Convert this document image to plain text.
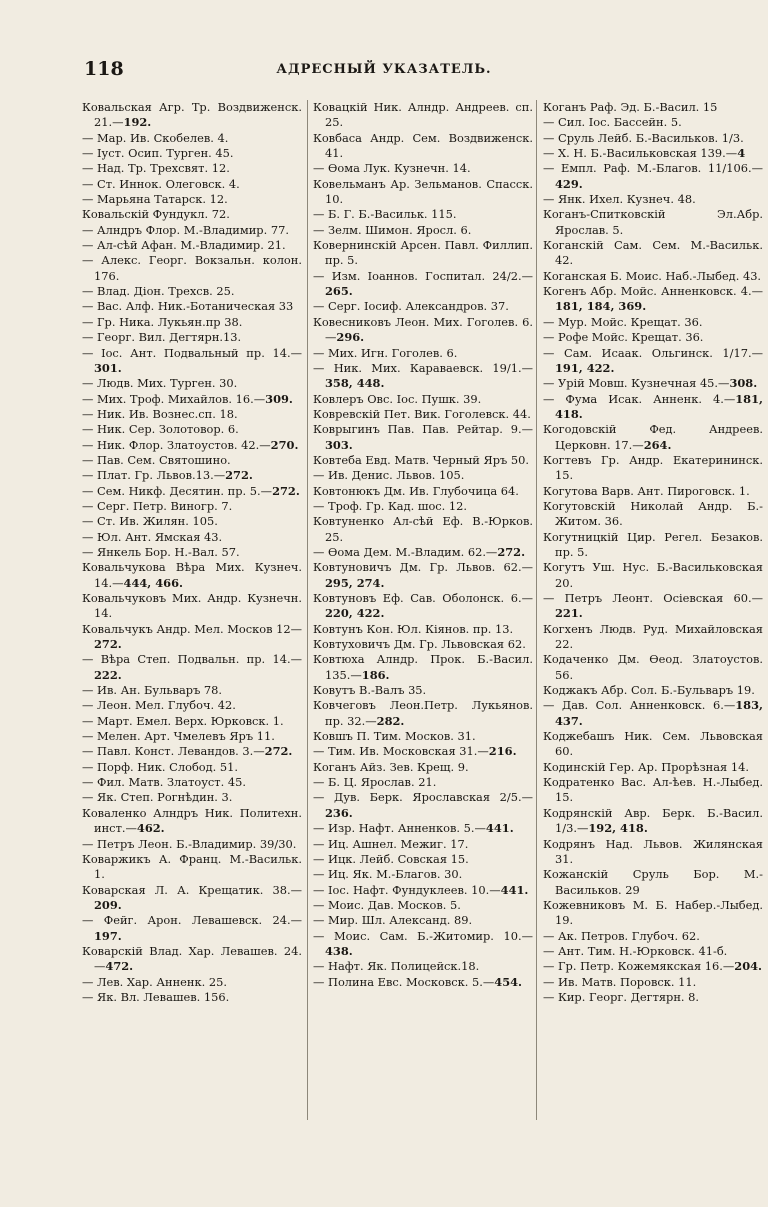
118	АДРЕСНЫЙ УКАЗАТЕЛЬ.

Ковальская Агр. Тр. Воздвиженск. 21.—192.

— Мар. Ив. Скобелев. 4.

— Іуст. Осип. Турген. 45.

— Над. Тр. Трехсвят. 12.

— Ст. Иннок. Олеговск. 4.

— Марьяна Татарск. 12.

Ковальскій Фундукл. 72.

— Алндръ Флор. М.-Владимир. 77.

— Ал-сѣй Афан. М.-Владимир. 21.

— Алекс. Георг. Вокзальн. колон. 176.

— Влад. Діон. Трехсв. 25.

— Вас. Алф. Ник.-Ботаническая 33

— Гр. Ника. Лукьян.пр 38.

— Георг. Вил. Дегтярн.13.

— Іос. Ант. Подвальный пр. 14.—301.

— Людв. Мих. Турген. 30.

— Мих. Троф. Михайлов. 16.—309.

— Ник. Ив. Вознес.сп. 18.

— Ник. Сер. Золотовор. 6.

— Ник. Флор. Златоустов. 42.—270.

— Пав. Сем. Святошино.

— Плат. Гр. Львов.13.—272.

— Сем. Никф. Десятин. пр. 5.—272.

— Серг. Петр. Виногр. 7.

— Ст. Ив. Жилян. 105.

— Юл. Ант. Ямская 43.

— Янкель Бор. Н.-Вал. 57.

Ковальчукова Вѣра Мих. Кузнеч. 14.—444, 466.

Ковальчуковъ Мих. Андр. Кузнечн. 14.

Ковальчукъ Андр. Мел. Москов 12—272.

— Вѣра Степ. Подвальн. пр. 14.—222.

— Ив. Ан. Бульваръ 78.

— Леон. Мел. Глубоч. 42.

— Март. Емел. Верх. Юрковск. 1.

— Мелен. Арт. Чмелевъ Яръ 11.

— Павл. Конст. Левандов. 3.—272.

— Порф. Ник. Слобод. 51.

— Фил. Матв. Златоуст. 45.

— Як. Степ. Рогнѣдин. 3.

Коваленко Алндръ Ник. Политехн. инст.—462.

— Петръ Леон. Б.-Владимир. 39/30.

Коваржикъ А. Франц. М.-Васильк. 1.

Коварская Л. А. Крещатик. 38.—209.

— Фейг. Арон. Левашевск. 24.—197.

Коварскій Влад. Хар. Левашев. 24.—472.

— Лев. Хар. Анненк. 25.

— Як. Вл. Левашев. 156.

Ковацкій Ник. Алндр. Андреев. сп. 25.

Ковбаса Андр. Сем. Воздвиженск. 41.

— Ѳома Лук. Кузнечн. 14.

Ковельманъ Ар. Зельманов. Спасск. 10.

— Б. Г. Б.-Васильк. 115.

— Зелм. Шимон. Яросл. 6.

Ковернинскій Арсен. Павл. Филлип. пр. 5.

— Изм. Іоаннов. Госпитал. 24/2.—265.

— Серг. Іосиф. Александров. 37.

Ковесниковъ Леон. Мих. Гоголев. 6.—296.

— Мих. Игн. Гоголев. 6.

— Ник. Мих. Караваевск. 19/1.—358, 448.

Ковлеръ Овс. Іос. Пушк. 39.

Ковревскій Пет. Вик. Гоголевск. 44.

Коврыгинъ Пав. Пав. Рейтар. 9.—303.

Ковтеба Евд. Матв. Черный Яръ 50.

— Ив. Денис. Львов. 105.

Ковтонюкъ Дм. Ив. Глубочица 64.

— Троф. Гр. Кад. шос. 12.

Ковтуненко Ал-сѣй Еф. В.-Юрков. 25.

— Ѳома Дем. М.-Владим. 62.—272.

Ковтуновичъ Дм. Гр. Львов. 62.—295, 274.

Ковтуновъ Еф. Сав. Оболонск. 6.—220, 422.

Ковтунъ Кон. Юл. Кіянов. пр. 13.

Ковтуховичъ Дм. Гр. Львовская 62.

Ковтюха Алндр. Прок. Б.-Васил. 135.—186.

Ковутъ В.-Валъ 35.

Ковчеговъ Леон.Петр. Лукьянов. пр. 32.—282.

Ковшъ П. Тим. Москов. 31.

— Тим. Ив. Московская 31.—216.

Коганъ Айз. Зев. Крещ. 9.

— Б. Ц. Ярослав. 21.

— Дув. Берк. Ярославская 2/5.—236.

— Изр. Нафт. Анненков. 5.—441.

— Иц. Ашнел. Межиг. 17.

— Ицк. Лейб. Совская 15.

— Иц. Як. М.-Благов. 30.

— Іос. Нафт. Фундуклеев. 10.—441.

— Моис. Дав. Москов. 5.

— Мир. Шл. Александ. 89.

— Моис. Сам. Б.-Житомир. 10.—438.

— Нафт. Як. Полицейск.18.

— Полина Евс. Московск. 5.—454.

Коганъ Раф. Эд. Б.-Васил. 15

— Сил. Іос. Бассейн. 5.

— Сруль Лейб. Б.-Васильков. 1/3.

— Х. Н. Б.-Васильковская 139.—4

— Емпл. Раф. М.-Благов. 11/106.—429.

— Янк. Ихел. Кузнеч. 48.

Коганъ-Спитковскій Эл.Абр. Ярослав. 5.

Коганскій Сам. Сем. М.-Васильк. 42.

Коганская Б. Моис. Наб.-Лыбед. 43.

Когенъ Абр. Мойс. Анненковск. 4.—181, 184, 369.

— Мур. Мойс. Крещат. 36.

— Рофе Мойс. Крещат. 36.

— Сам. Исаак. Ольгинск. 1/17.—191, 422.

— Урій Мовш. Кузнечная 45.—308.

— Фума Исак. Анненк. 4.—181, 418.

Когодовскій Фед. Андреев. Церковн. 17.—264.

Когтевъ Гр. Андр. Екатерининск. 15.

Когутова Варв. Ант. Пироговск. 1.

Когутовскій Николай Андр. Б.-Житом. 36.

Когутницкій Цир. Регел. Безаков. пр. 5.

Когутъ Уш. Нус. Б.-Васильковская 20.

— Петръ Леонт. Осіевская 60.—221.

Когхенъ Людв. Руд. Михайловская 22.

Кодаченко Дм. Ѳеод. Златоустов. 56.

Коджакъ Абр. Сол. Б.-Бульваръ 19.

— Дав. Сол. Анненковск. 6.—183, 437.

Коджебашъ Ник. Сем. Львовская 60.

Кодинскій Гер. Ар. Прорѣзная 14.

Кодратенко Вас. Ал-ѣев. Н.-Лыбед. 15.

Кодрянскій Авр. Берк. Б.-Васил. 1/3.—192, 418.

Кодрянъ Над. Львов. Жилянская 31.

Кожанскій Сруль Бор. М.-Васильков. 29

Кожевниковъ М. Б. Набер.-Лыбед. 19.

— Ак. Петров. Глубоч. 62.

— Ант. Тим. Н.-Юрковск. 41-б.

— Гр. Петр. Кожемякская 16.—204.

— Ив. Матв. Поровск. 11.

— Кир. Георг. Дегтярн. 8.
